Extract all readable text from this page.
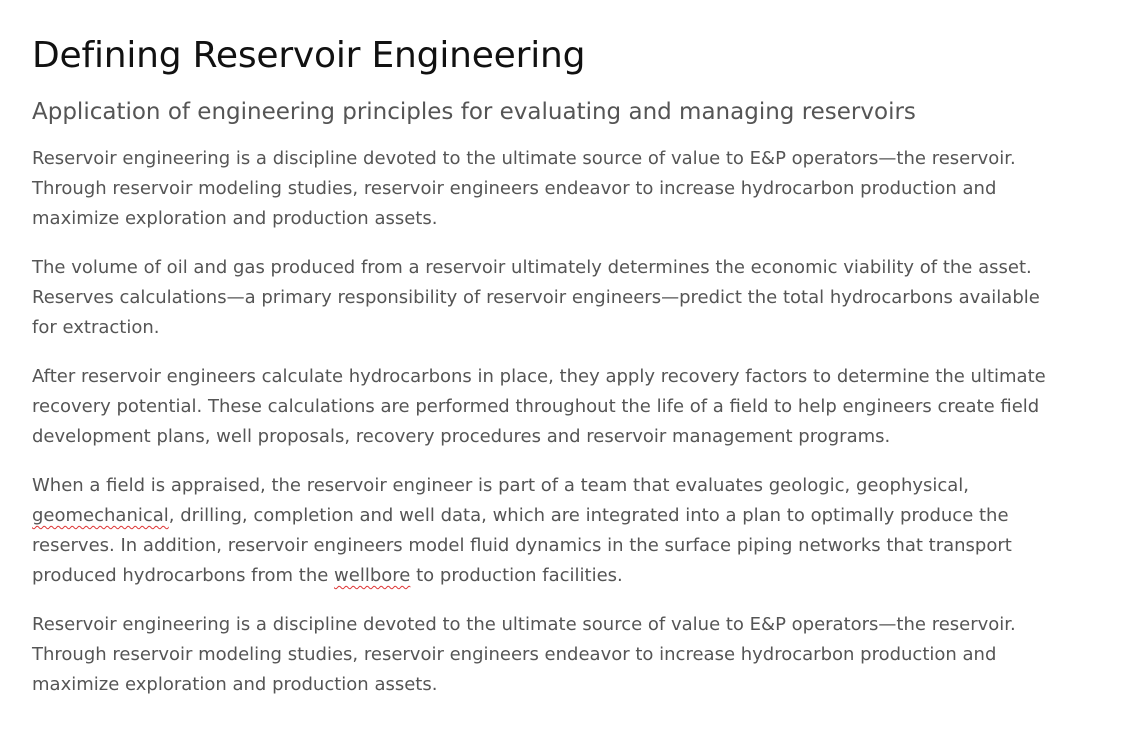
Defining Reservoir Engineering
Application of engineering principles for evaluating and managing reservoirs

Reservoir engineering is a discipline devoted to the ultimate source of value to E&P operators—the reservoir.
Through reservoir modeling studies, reservoir engineers endeavor to increase hydrocarbon production and
maximize exploration and production assets.

The volume of oil and gas produced from a reservoir ultimately determines the economic viability of the asset.
Reserves calculations—a primary responsibility of reservoir engineers—predict the total hydrocarbons available
for extraction.

After reservoir engineers calculate hydrocarbons in place, they apply recovery factors to determine the ultimate
recovery potential. These calculations are performed throughout the life of a field to help engineers create field
development plans, well proposals, recovery procedures and reservoir management programs.

When a field is appraised, the reservoir engineer is part of a team that evaluates geologic, geophysical,
geomechanical, drilling, completion and well data, which are integrated into a plan to optimally produce the
reserves. In addition, reservoir engineers model fluid dynamics in the surface piping networks that transport
produced hydrocarbons from the wellbore to production facilities.

Reservoir engineering is a discipline devoted to the ultimate source of value to E&P operators—the reservoir.
Through reservoir modeling studies, reservoir engineers endeavor to increase hydrocarbon production and
maximize exploration and production assets.
